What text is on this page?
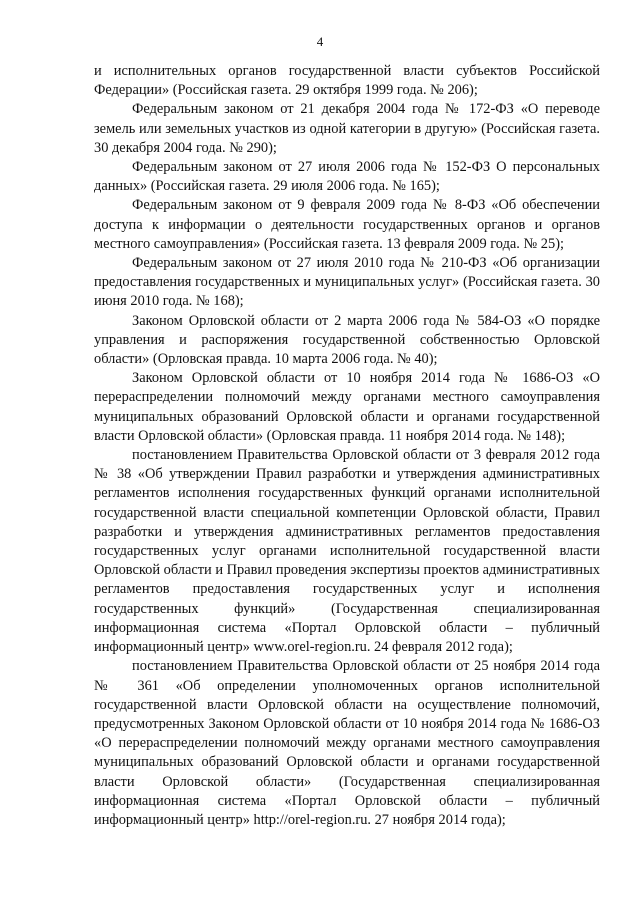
4

и исполнительных органов государственной власти субъектов Российской Федерации» (Российская газета. 29 октября 1999 года. № 206);

Федеральным законом от 21 декабря 2004 года № 172-ФЗ «О переводе земель или земельных участков из одной категории в другую» (Российская газета. 30 декабря 2004 года. № 290);

Федеральным законом от 27 июля 2006 года № 152-ФЗ О персональных данных» (Российская газета. 29 июля 2006 года. № 165);

Федеральным законом от 9 февраля 2009 года № 8-ФЗ «Об обеспечении доступа к информации о деятельности государственных органов и органов местного самоуправления» (Российская газета. 13 февраля 2009 года. № 25);

Федеральным законом от 27 июля 2010 года № 210-ФЗ «Об организации предоставления государственных и муниципальных услуг» (Российская газета. 30 июня 2010 года. № 168);

Законом Орловской области от 2 марта 2006 года № 584-ОЗ «О порядке управления и распоряжения государственной собственностью Орловской области» (Орловская правда. 10 марта 2006 года. № 40);

Законом Орловской области от 10 ноября 2014 года № 1686-ОЗ «О перераспределении полномочий между органами местного самоуправления муниципальных образований Орловской области и органами государственной власти Орловской области» (Орловская правда. 11 ноября 2014 года. № 148);

постановлением Правительства Орловской области от 3 февраля 2012 года № 38 «Об утверждении Правил разработки и утверждения административных регламентов исполнения государственных функций органами исполнительной государственной власти специальной компетенции Орловской области, Правил разработки и утверждения административных регламентов предоставления государственных услуг органами исполнительной государственной власти Орловской области и Правил проведения экспертизы проектов административных регламентов предоставления государственных услуг и исполнения государственных функций» (Государственная специализированная информационная система «Портал Орловской области – публичный информационный центр» www.orel-region.ru. 24 февраля 2012 года);

постановлением Правительства Орловской области от 25 ноября 2014 года № 361 «Об определении уполномоченных органов исполнительной государственной власти Орловской области на осуществление полномочий, предусмотренных Законом Орловской области от 10 ноября 2014 года № 1686-ОЗ «О перераспределении полномочий между органами местного самоуправления муниципальных образований Орловской области и органами государственной власти Орловской области» (Государственная специализированная информационная система «Портал Орловской области – публичный информационный центр» http://orel-region.ru. 27 ноября 2014 года);
